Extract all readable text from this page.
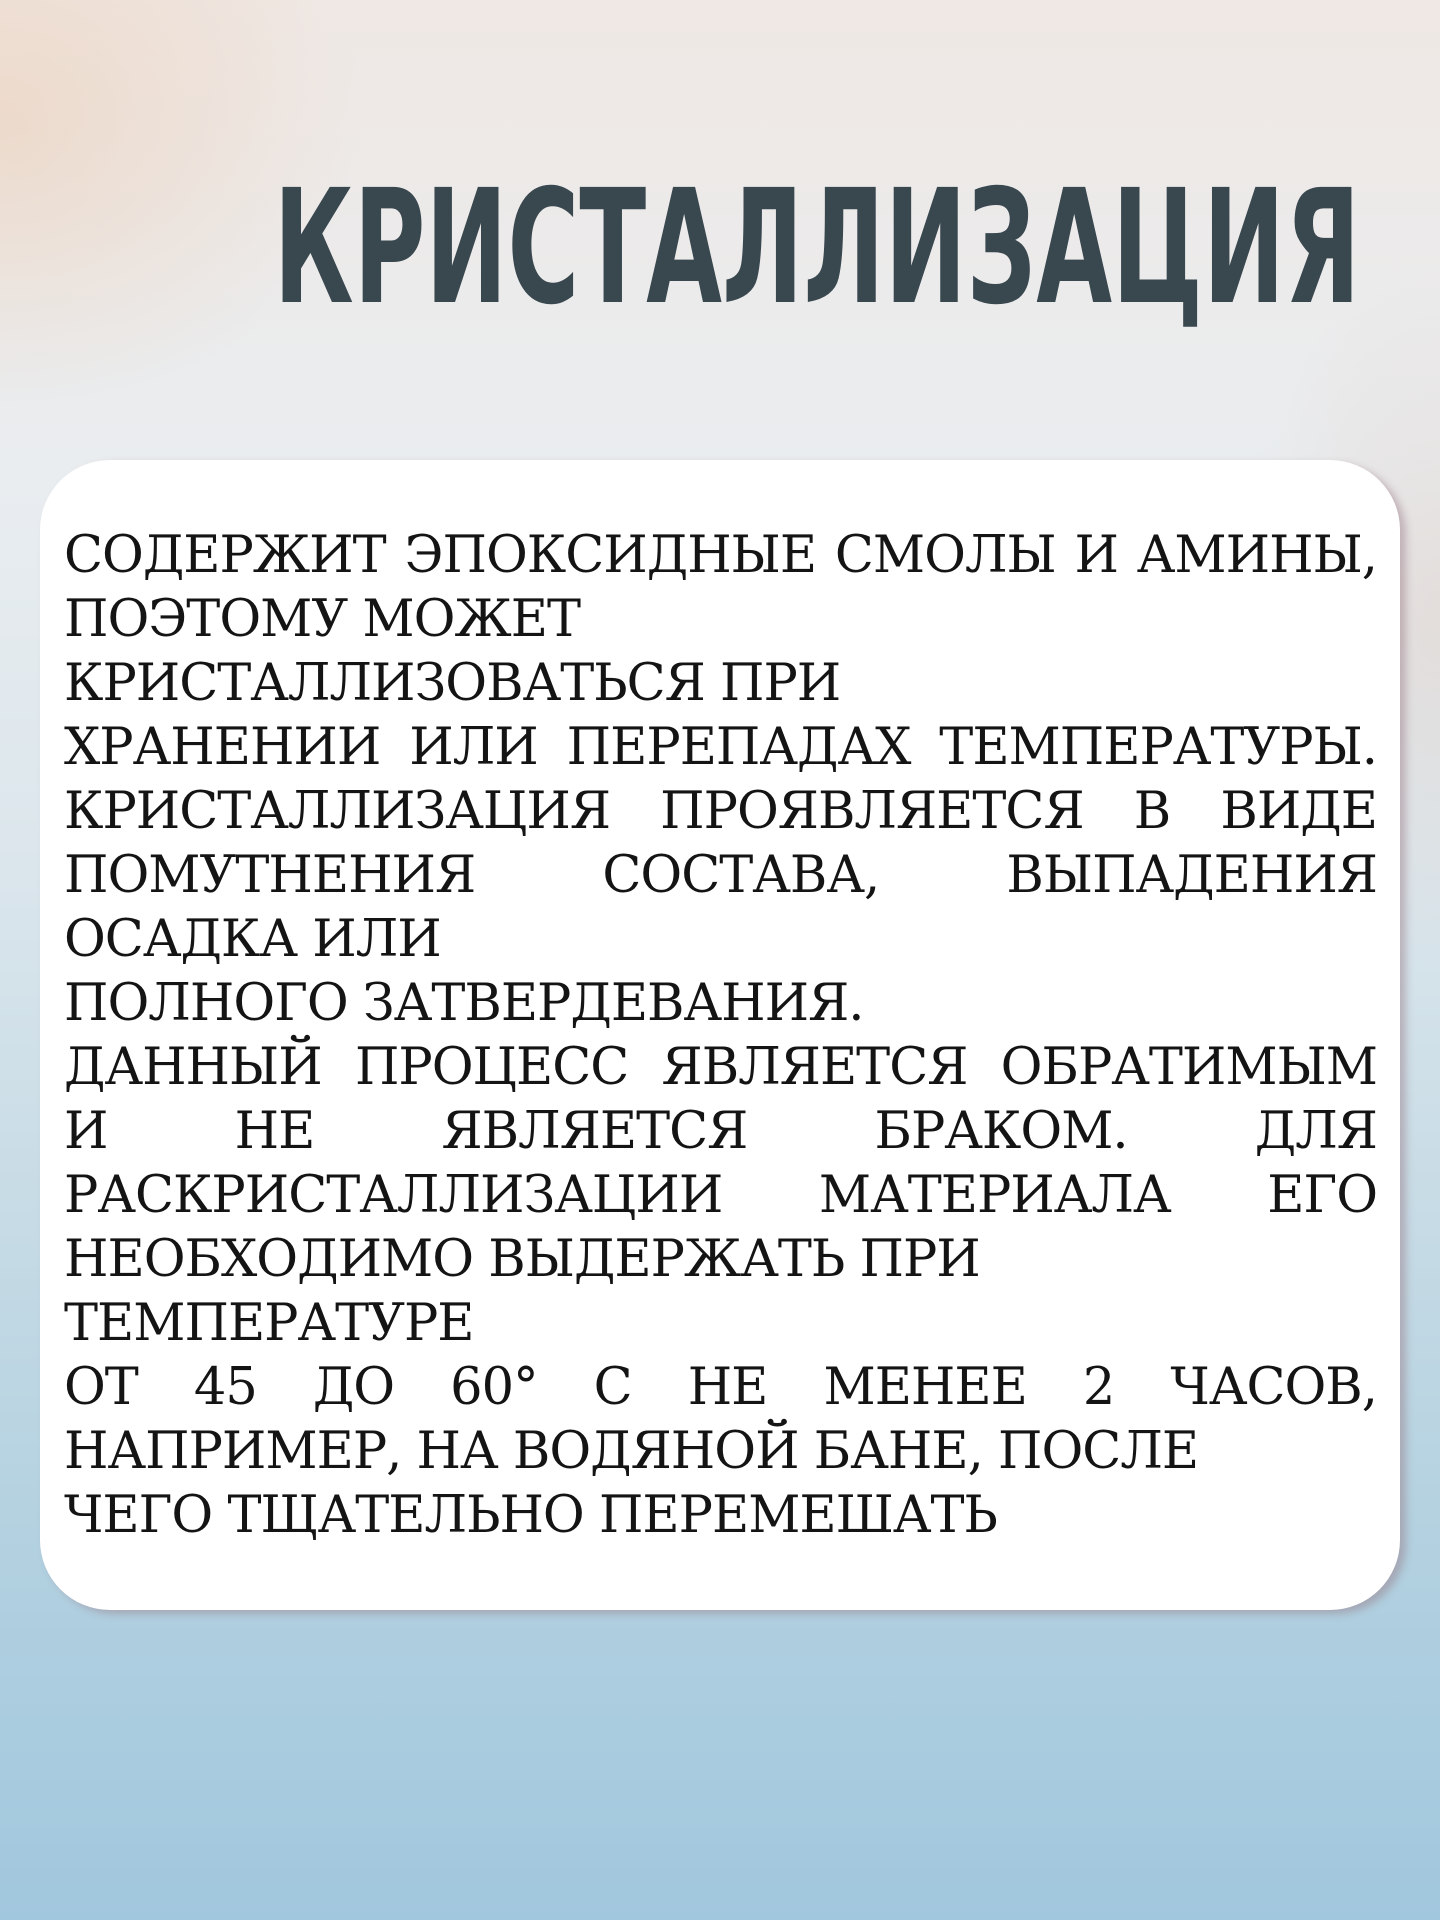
КРИСТАЛЛИЗАЦИЯ

СОДЕРЖИТ ЭПОКСИДНЫЕ СМОЛЫ И АМИНЫ, ПОЭТОМУ МОЖЕТ

КРИСТАЛЛИЗОВАТЬСЯ ПРИ

ХРАНЕНИИ ИЛИ ПЕРЕПАДАХ ТЕМПЕРАТУРЫ. КРИСТАЛЛИЗАЦИЯ ПРОЯВЛЯЕТСЯ В ВИДЕ ПОМУТНЕНИЯ СОСТАВА, ВЫПАДЕНИЯ ОСАДКА ИЛИ

ПОЛНОГО ЗАТВЕРДЕВАНИЯ.

ДАННЫЙ ПРОЦЕСС ЯВЛЯЕТСЯ ОБРАТИМЫМ И НЕ ЯВЛЯЕТСЯ БРАКОМ. ДЛЯ РАСКРИСТАЛЛИЗАЦИИ МАТЕРИАЛА ЕГО НЕОБХОДИМО ВЫДЕРЖАТЬ ПРИ

ТЕМПЕРАТУРЕ

ОТ 45 ДО 60° С НЕ МЕНЕЕ 2 ЧАСОВ, НАПРИМЕР, НА ВОДЯНОЙ БАНЕ, ПОСЛЕ

ЧЕГО ТЩАТЕЛЬНО ПЕРЕМЕШАТЬ
